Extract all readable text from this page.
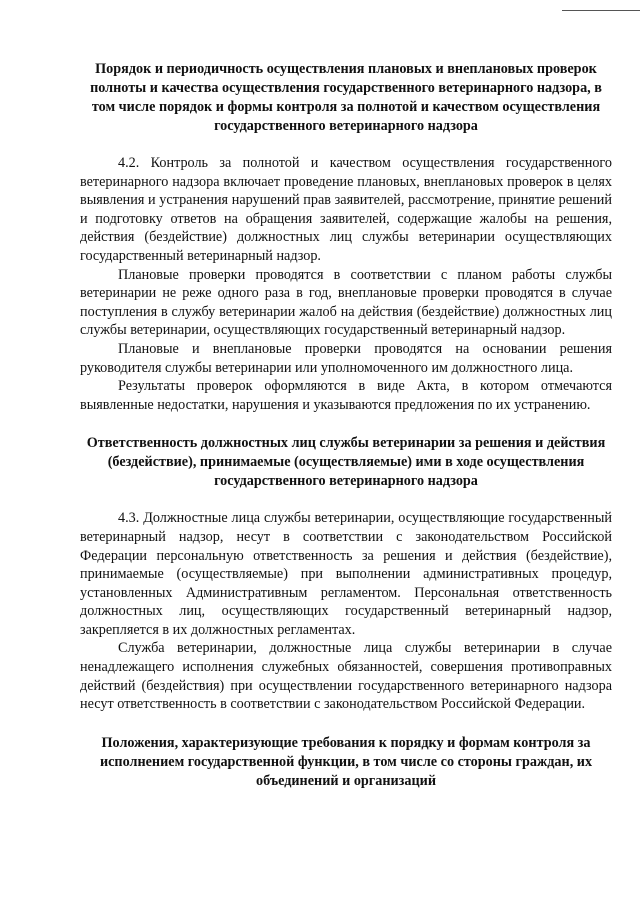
Порядок и периодичность осуществления плановых и внеплановых проверок полноты и качества осуществления государственного ветеринарного надзора, в том числе порядок и формы контроля за полнотой и качеством осуществления государственного ветеринарного надзора

4.2. Контроль за полнотой и качеством осуществления государственного ветеринарного надзора включает проведение плановых, внеплановых проверок в целях выявления и устранения нарушений прав заявителей, рассмотрение, принятие решений и подготовку ответов на обращения заявителей, содержащие жалобы на решения, действия (бездействие) должностных лиц службы ветеринарии осуществляющих государственный ветеринарный надзор.

Плановые проверки проводятся в соответствии с планом работы службы ветеринарии не реже одного раза в год, внеплановые проверки проводятся в случае поступления в службу ветеринарии жалоб на действия (бездействие) должностных лиц службы ветеринарии, осуществляющих государственный ветеринарный надзор.

Плановые и внеплановые проверки проводятся на основании решения руководителя службы ветеринарии или уполномоченного им должностного лица.

Результаты проверок оформляются в виде Акта, в котором отмечаются выявленные недостатки, нарушения и указываются предложения по их устранению.

Ответственность должностных лиц службы ветеринарии за решения и действия (бездействие), принимаемые (осуществляемые) ими в ходе осуществления государственного ветеринарного надзора

4.3. Должностные лица службы ветеринарии, осуществляющие государственный ветеринарный надзор, несут в соответствии с законодательством Российской Федерации персональную ответственность за решения и действия (бездействие), принимаемые (осуществляемые) при выполнении административных процедур, установленных Административным регламентом. Персональная ответственность должностных лиц, осуществляющих государственный ветеринарный надзор, закрепляется в их должностных регламентах.

Служба ветеринарии, должностные лица службы ветеринарии в случае ненадлежащего исполнения служебных обязанностей, совершения противоправных действий (бездействия) при осуществлении государственного ветеринарного надзора несут ответственность в соответствии с законодательством Российской Федерации.

Положения, характеризующие требования к порядку и формам контроля за исполнением государственной функции, в том числе со стороны граждан, их объединений и организаций
